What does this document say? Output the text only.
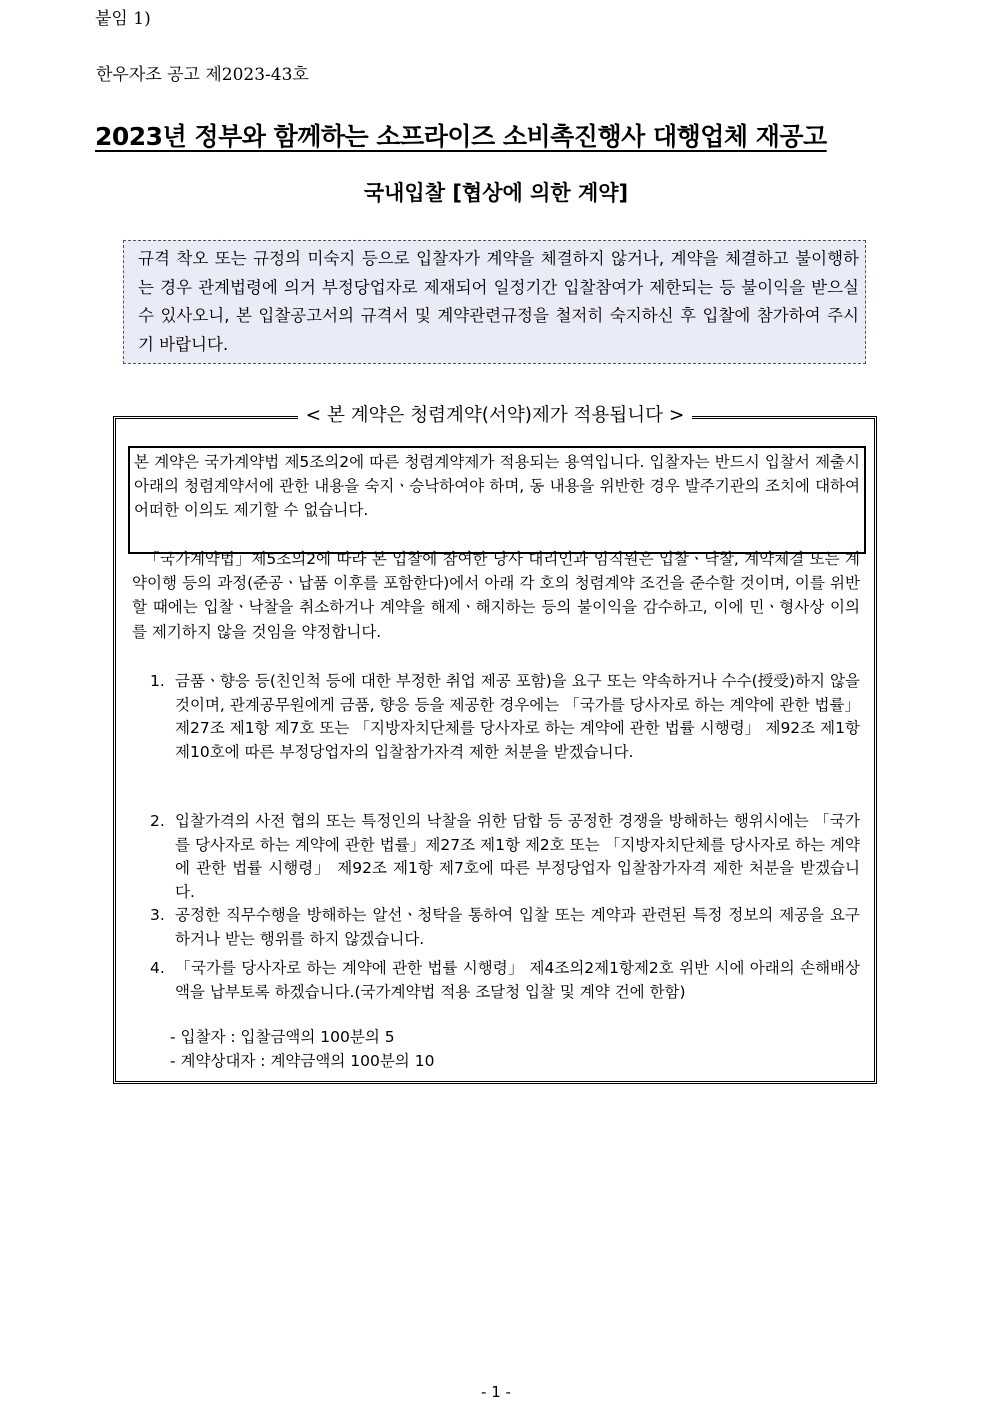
붙임 1)
한우자조 공고 제2023-43호
2023년 정부와 함께하는 소프라이즈 소비촉진행사 대행업체 재공고
국내입찰 [협상에 의한 계약]
규격 착오 또는 규정의 미숙지 등으로 입찰자가 계약을 체결하지 않거나, 계약을 체결하고 불이행하는 경우 관계법령에 의거 부정당업자로 제재되어 일정기간 입찰참여가 제한되는 등 불이익을 받으실 수 있사오니, 본 입찰공고서의 규격서 및 계약관련규정을 철저히 숙지하신 후 입찰에 참가하여 주시기 바랍니다.
< 본 계약은 청렴계약(서약)제가 적용됩니다 >
본 계약은 국가계약법 제5조의2에 따른 청렴계약제가 적용되는 용역입니다. 입찰자는 반드시 입찰서 제출시 아래의 청렴계약서에 관한 내용을 숙지ㆍ승낙하여야 하며, 동 내용을 위반한 경우 발주기관의 조치에 대하여 어떠한 이의도 제기할 수 없습니다.
「국가계약법」제5조의2에 따라 본 입찰에 참여한 당사 대리인과 임직원은 입찰ㆍ낙찰, 계약체결 또는 계약이행 등의 과정(준공ㆍ납품 이후를 포함한다)에서 아래 각 호의 청렴계약 조건을 준수할 것이며, 이를 위반할 때에는 입찰ㆍ낙찰을 취소하거나 계약을 해제ㆍ해지하는 등의 불이익을 감수하고, 이에 민ㆍ형사상 이의를 제기하지 않을 것임을 약정합니다.
1. 금품ㆍ향응 등(친인척 등에 대한 부정한 취업 제공 포함)을 요구 또는 약속하거나 수수(授受)하지 않을 것이며, 관계공무원에게 금품, 향응 등을 제공한 경우에는 「국가를 당사자로 하는 계약에 관한 법률」제27조 제1항 제7호 또는 「지방자치단체를 당사자로 하는 계약에 관한 법률 시행령」 제92조 제1항 제10호에 따른 부정당업자의 입찰참가자격 제한 처분을 받겠습니다.
2. 입찰가격의 사전 협의 또는 특정인의 낙찰을 위한 담합 등 공정한 경쟁을 방해하는 행위시에는 「국가를 당사자로 하는 계약에 관한 법률」제27조 제1항 제2호 또는 「지방자치단체를 당사자로 하는 계약에 관한 법률 시행령」 제92조 제1항 제7호에 따른 부정당업자 입찰참가자격 제한 처분을 받겠습니다.
3. 공정한 직무수행을 방해하는 알선ㆍ청탁을 통하여 입찰 또는 계약과 관련된 특정 정보의 제공을 요구하거나 받는 행위를 하지 않겠습니다.
4. 「국가를 당사자로 하는 계약에 관한 법률 시행령」 제4조의2제1항제2호 위반 시에 아래의 손해배상액을 납부토록 하겠습니다.(국가계약법 적용 조달청 입찰 및 계약 건에 한함)
- 입찰자 : 입찰금액의 100분의 5
- 계약상대자 : 계약금액의 100분의 10
- 1 -
